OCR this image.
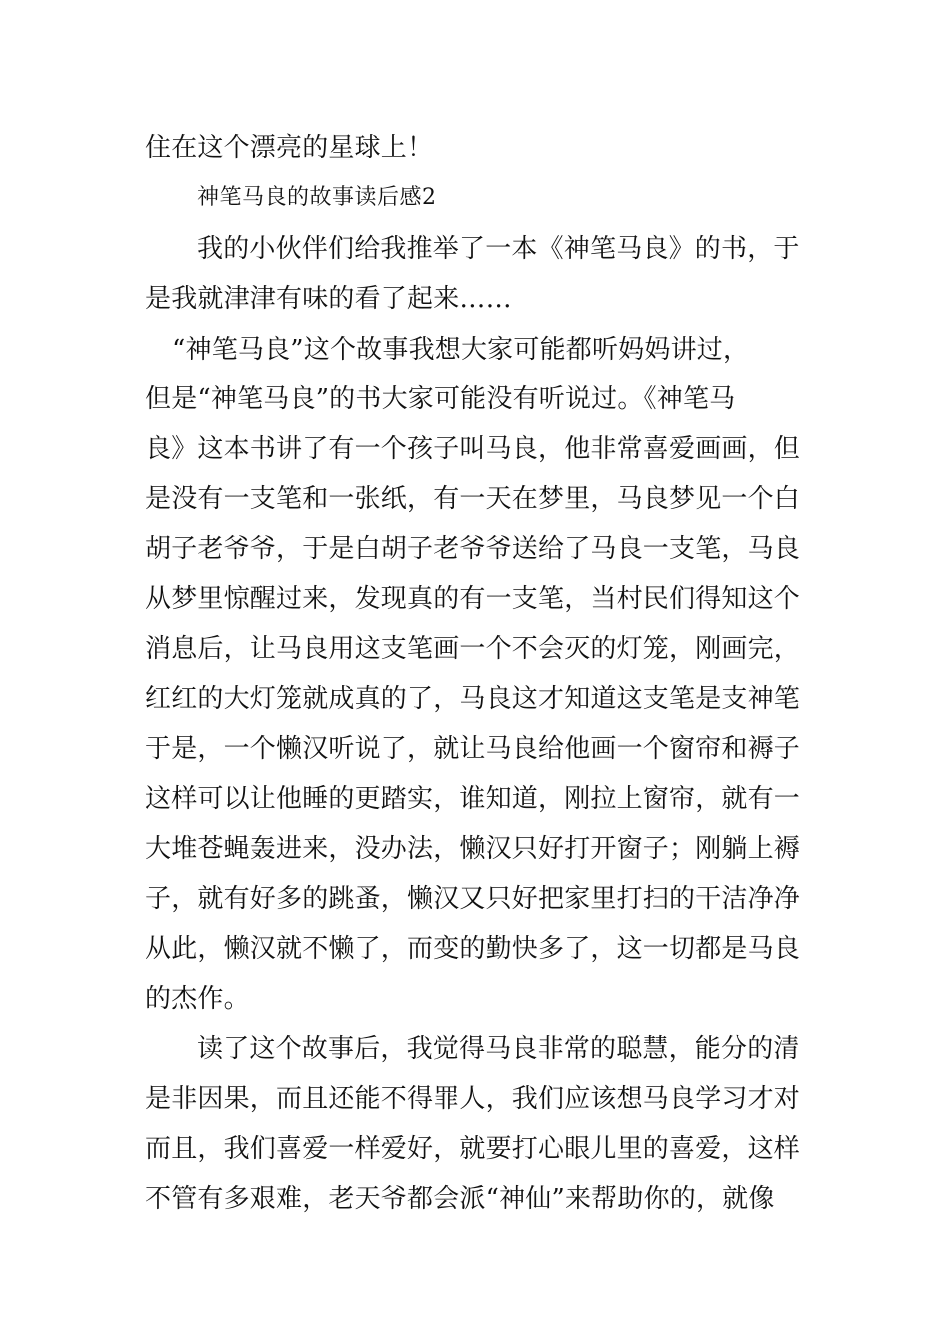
住在这个漂亮的星球上！

神笔马良的故事读后感2

我的小伙伴们给我推举了一本《神笔马良》的书，于

是我就津津有味的看了起来……

“神笔马良”这个故事我想大家可能都听妈妈讲过，

但是“神笔马良”的书大家可能没有听说过。《神笔马

良》这本书讲了有一个孩子叫马良，他非常喜爱画画，但

是没有一支笔和一张纸，有一天在梦里，马良梦见一个白

胡子老爷爷，于是白胡子老爷爷送给了马良一支笔，马良

从梦里惊醒过来，发现真的有一支笔，当村民们得知这个

消息后，让马良用这支笔画一个不会灭的灯笼，刚画完，

红红的大灯笼就成真的了，马良这才知道这支笔是支神笔

于是，一个懒汉听说了，就让马良给他画一个窗帘和褥子

这样可以让他睡的更踏实，谁知道，刚拉上窗帘，就有一

大堆苍蝇轰进来，没办法，懒汉只好打开窗子；刚躺上褥

子，就有好多的跳蚤，懒汉又只好把家里打扫的干洁净净

从此，懒汉就不懒了，而变的勤快多了，这一切都是马良

的杰作。

读了这个故事后，我觉得马良非常的聪慧，能分的清

是非因果，而且还能不得罪人，我们应该想马良学习才对

而且，我们喜爱一样爱好，就要打心眼儿里的喜爱，这样

不管有多艰难，老天爷都会派“神仙”来帮助你的，就像
